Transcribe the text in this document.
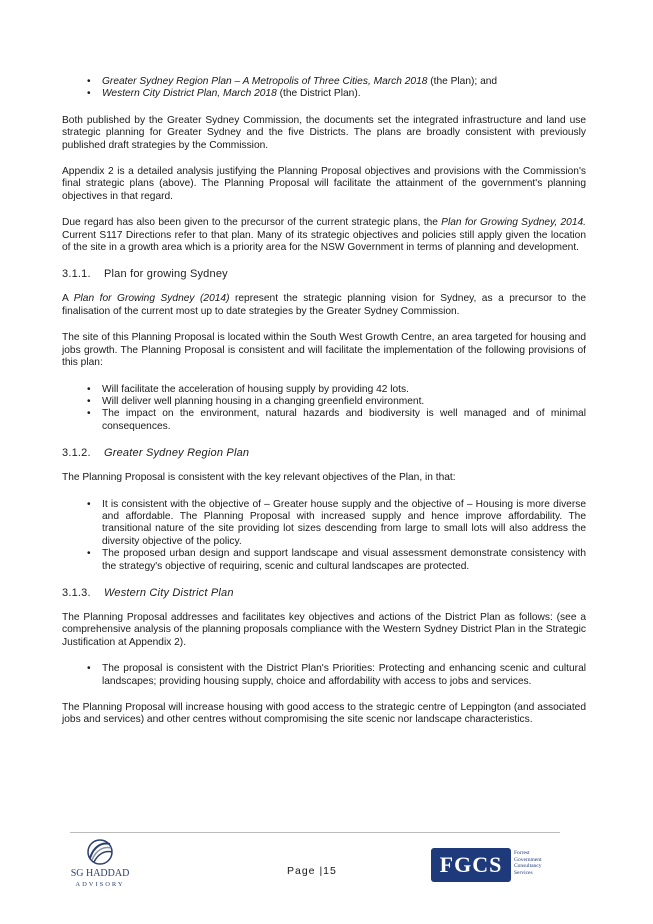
• Greater Sydney Region Plan – A Metropolis of Three Cities, March 2018 (the Plan); and
• Western City District Plan, March 2018 (the District Plan).

Both published by the Greater Sydney Commission, the documents set the integrated infrastructure and land use strategic planning for Greater Sydney and the five Districts. The plans are broadly consistent with previously published draft strategies by the Commission.

Appendix 2 is a detailed analysis justifying the Planning Proposal objectives and provisions with the Commission's final strategic plans (above). The Planning Proposal will facilitate the attainment of the government's planning objectives in that regard.

Due regard has also been given to the precursor of the current strategic plans, the Plan for Growing Sydney, 2014. Current S117 Directions refer to that plan. Many of its strategic objectives and policies still apply given the location of the site in a growth area which is a priority area for the NSW Government in terms of planning and development.

3.1.1. Plan for growing Sydney

A Plan for Growing Sydney (2014) represent the strategic planning vision for Sydney, as a precursor to the finalisation of the current most up to date strategies by the Greater Sydney Commission.

The site of this Planning Proposal is located within the South West Growth Centre, an area targeted for housing and jobs growth. The Planning Proposal is consistent and will facilitate the implementation of the following provisions of this plan:

• Will facilitate the acceleration of housing supply by providing 42 lots.
• Will deliver well planning housing in a changing greenfield environment.
• The impact on the environment, natural hazards and biodiversity is well managed and of minimal consequences.
3.1.2. Greater Sydney Region Plan

The Planning Proposal is consistent with the key relevant objectives of the Plan, in that:

• It is consistent with the objective of – Greater house supply and the objective of – Housing is more diverse and affordable. The Planning Proposal with increased supply and hence improve affordability. The transitional nature of the site providing lot sizes descending from large to small lots will also address the diversity objective of the policy.
• The proposed urban design and support landscape and visual assessment demonstrate consistency with the strategy's objective of requiring, scenic and cultural landscapes are protected.
3.1.3. Western City District Plan

The Planning Proposal addresses and facilitates key objectives and actions of the District Plan as follows: (see a comprehensive analysis of the planning proposals compliance with the Western Sydney District Plan in the Strategic Justification at Appendix 2).

• The proposal is consistent with the District Plan's Priorities: Protecting and enhancing scenic and cultural landscapes; providing housing supply, choice and affordability with access to jobs and services.

The Planning Proposal will increase housing with good access to the strategic centre of Leppington (and associated jobs and services) and other centres without compromising the site scenic nor landscape characteristics.

SG HADDAD
ADVISORY
Page |15	FGCS	Forrest
Government
Consultancy
Services
